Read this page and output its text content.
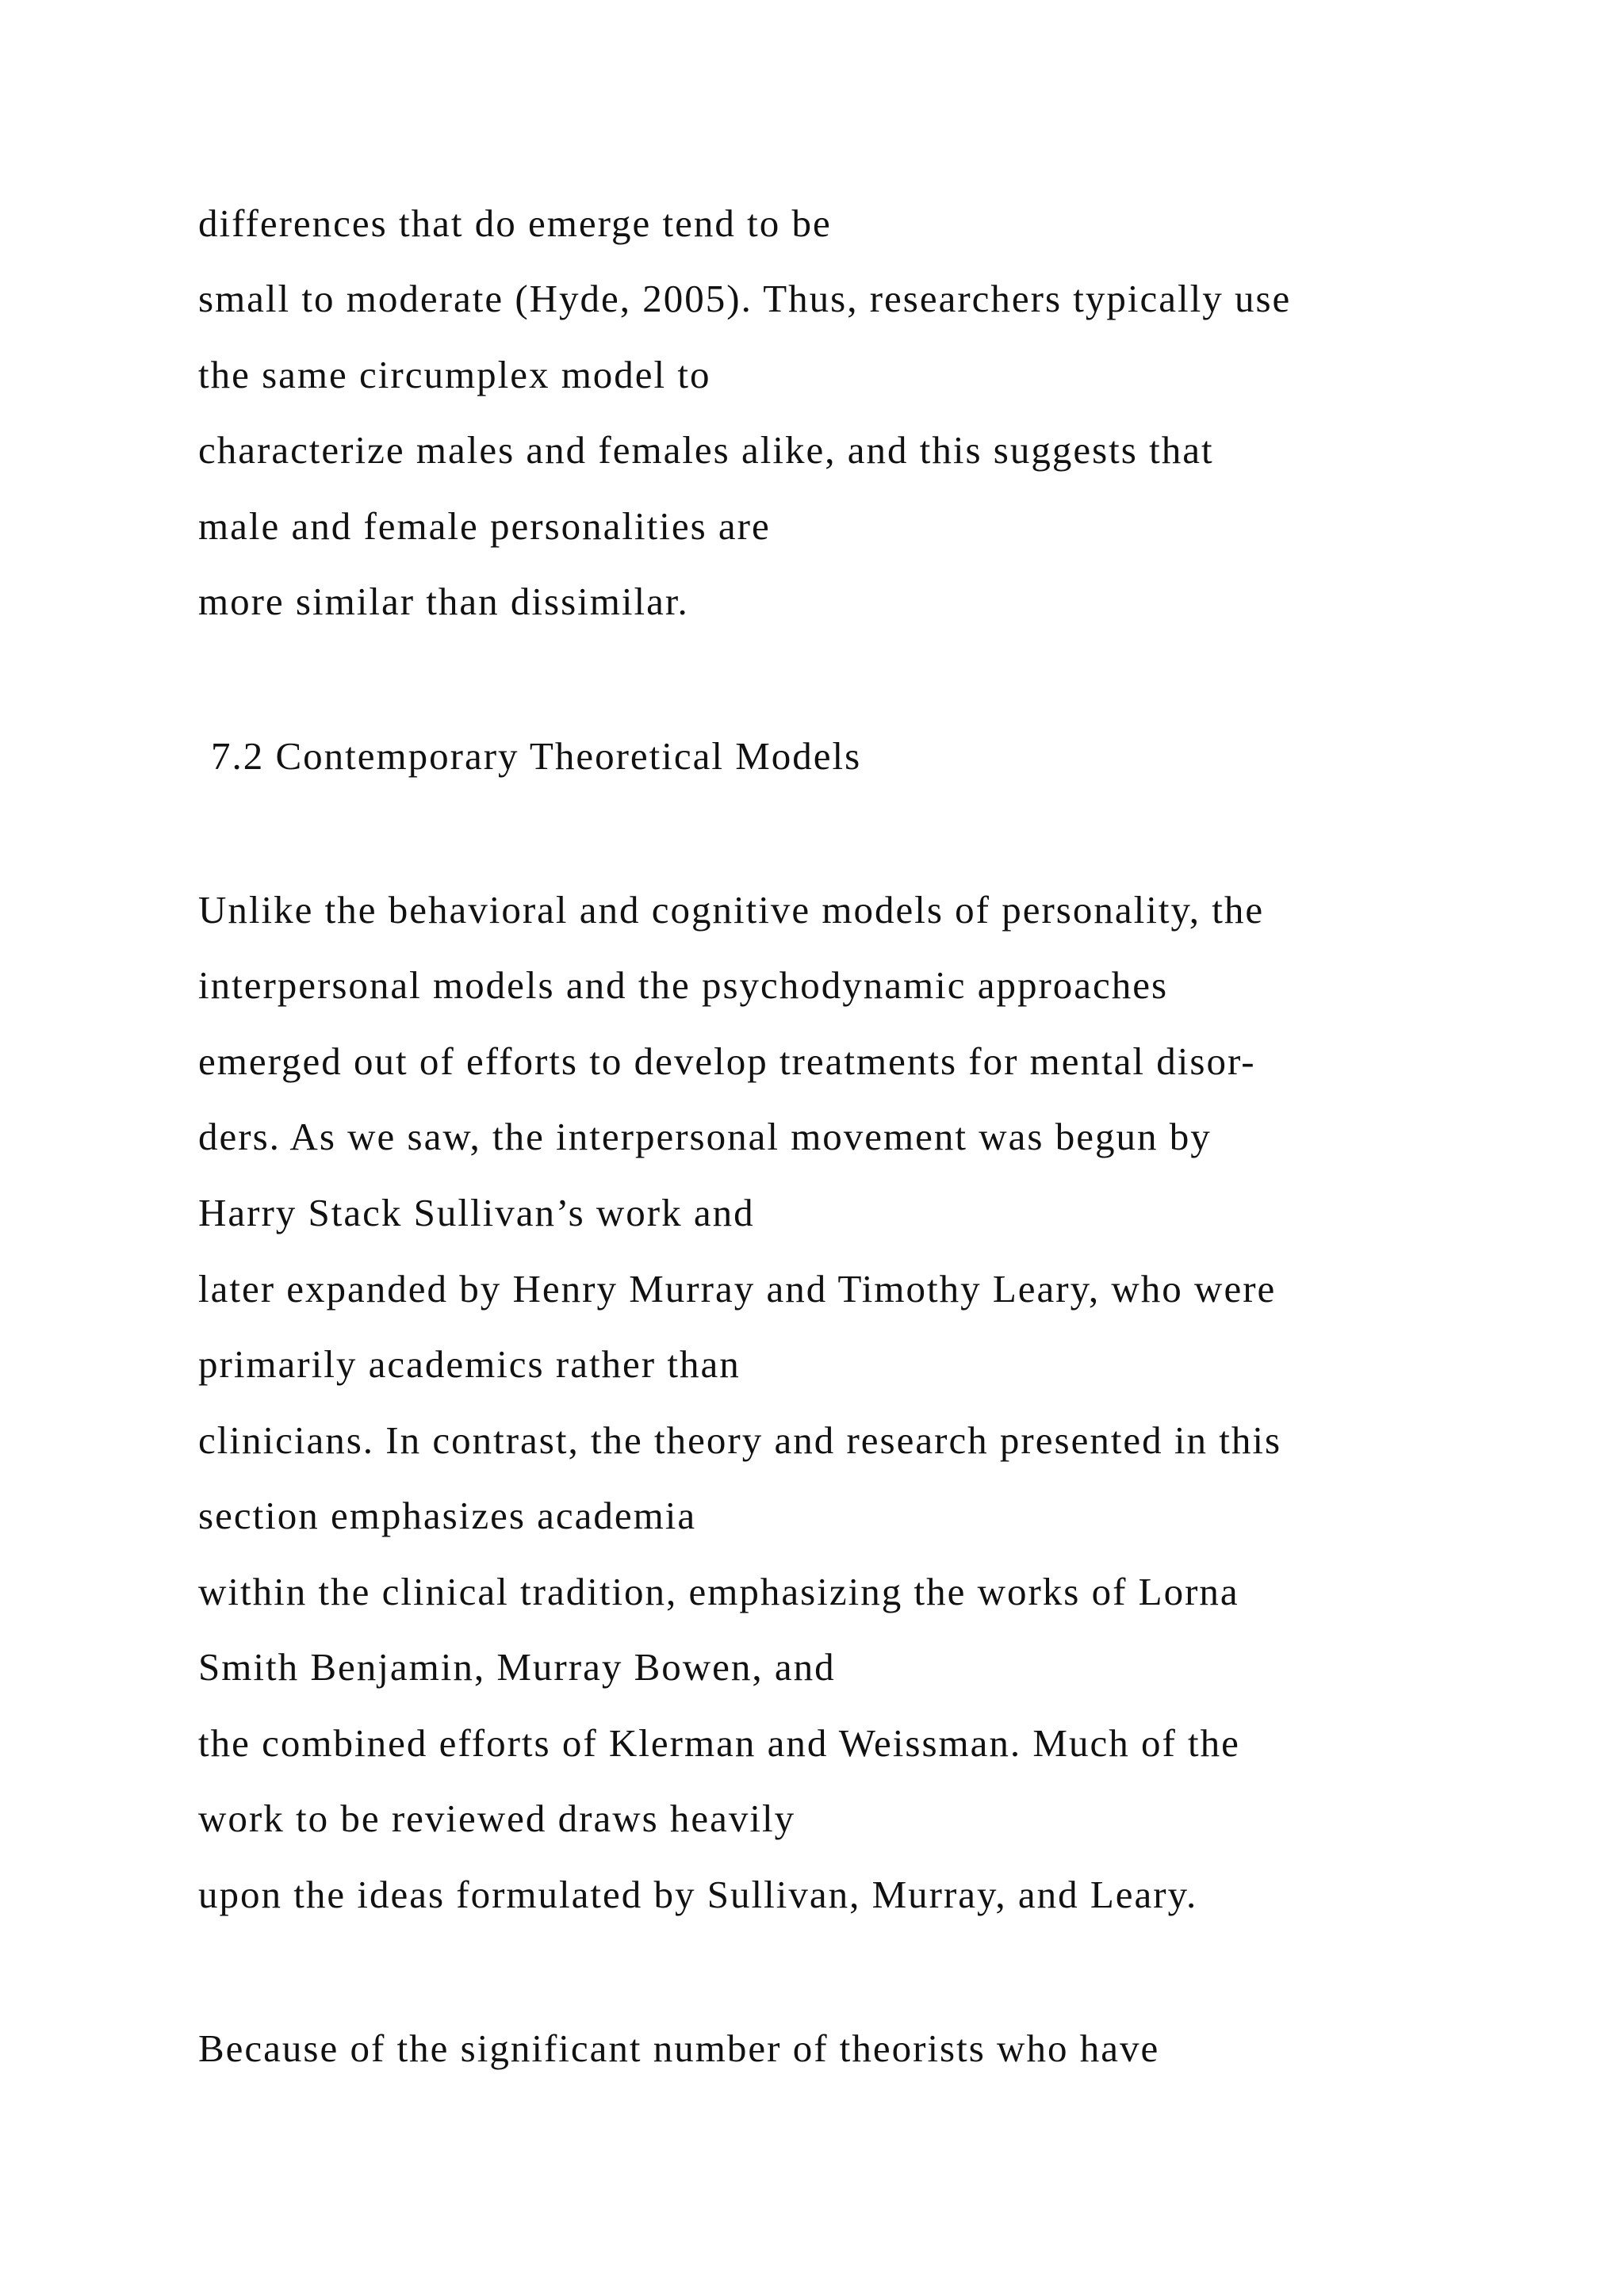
differences that do emerge tend to be
small to moderate (Hyde, 2005). Thus, researchers typically use
the same circumplex model to
characterize males and females alike, and this suggests that
male and female personalities are
more similar than dissimilar.
7.2 Contemporary Theoretical Models
Unlike the behavioral and cognitive models of personality, the
interpersonal models and the psychodynamic approaches
emerged out of efforts to develop treatments for mental disor-
ders. As we saw, the interpersonal movement was begun by
Harry Stack Sullivan’s work and
later expanded by Henry Murray and Timothy Leary, who were
primarily academics rather than
clinicians. In contrast, the theory and research presented in this
section emphasizes academia
within the clinical tradition, emphasizing the works of Lorna
Smith Benjamin, Murray Bowen, and
the combined efforts of Klerman and Weissman. Much of the
work to be reviewed draws heavily
upon the ideas formulated by Sullivan, Murray, and Leary.
Because of the significant number of theorists who have
